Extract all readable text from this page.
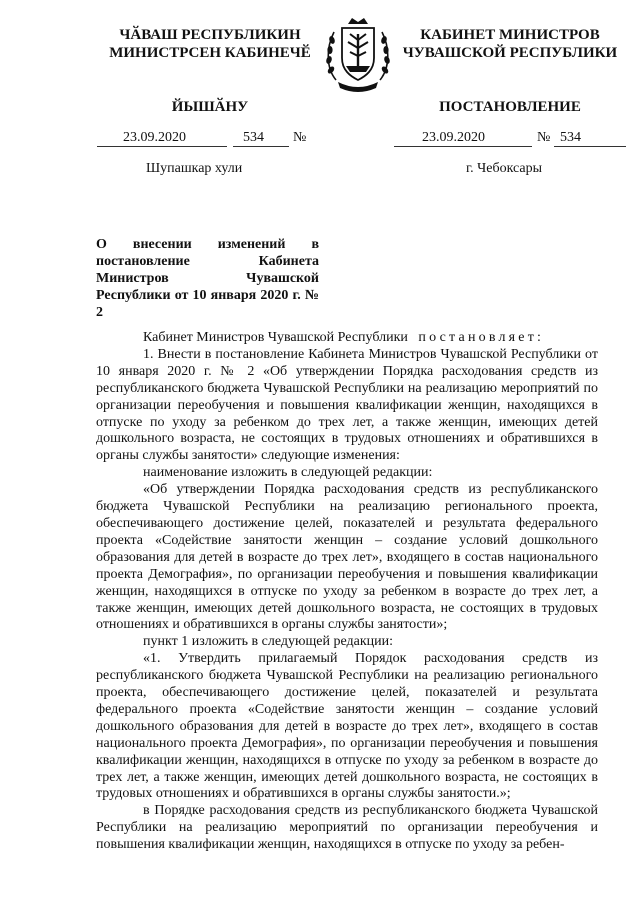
ЧӐВАШ РЕСПУБЛИКИН
МИНИСТРСЕН КАБИНЕЧӖ
ЙЫШӐНУ
КАБИНЕТ МИНИСТРОВ
ЧУВАШСКОЙ РЕСПУБЛИКИ
ПОСТАНОВЛЕНИЕ
23.09.2020	534 №	23.09.2020	№ 534
Шупашкар хули	г. Чебоксары
О внесении изменений в постановление Кабинета Министров Чувашской Республики от 10 января 2020 г. № 2

Кабинет Министров Чувашской Республики постановляет:

1. Внести в постановление Кабинета Министров Чувашской Республики от 10 января 2020 г. № 2 «Об утверждении Порядка расходования средств из республиканского бюджета Чувашской Республики на реализацию мероприятий по организации переобучения и повышения квалификации женщин, находящихся в отпуске по уходу за ребенком до трех лет, а также женщин, имеющих детей дошкольного возраста, не состоящих в трудовых отношениях и обратившихся в органы службы занятости» следующие изменения:

наименование изложить в следующей редакции:

«Об утверждении Порядка расходования средств из республиканского бюджета Чувашской Республики на реализацию регионального проекта, обеспечивающего достижение целей, показателей и результата федерального проекта «Содействие занятости женщин – создание условий дошкольного образования для детей в возрасте до трех лет», входящего в состав национального проекта Демография», по организации переобучения и повышения квалификации женщин, находящихся в отпуске по уходу за ребенком в возрасте до трех лет, а также женщин, имеющих детей дошкольного возраста, не состоящих в трудовых отношениях и обратившихся в органы службы занятости»;

пункт 1 изложить в следующей редакции:

«1. Утвердить прилагаемый Порядок расходования средств из республиканского бюджета Чувашской Республики на реализацию регионального проекта, обеспечивающего достижение целей, показателей и результата федерального проекта «Содействие занятости женщин – создание условий дошкольного образования для детей в возрасте до трех лет», входящего в состав национального проекта Демография», по организации переобучения и повышения квалификации женщин, находящихся в отпуске по уходу за ребенком в возрасте до трех лет, а также женщин, имеющих детей дошкольного возраста, не состоящих в трудовых отношениях и обратившихся в органы службы занятости.»;

в Порядке расходования средств из республиканского бюджета Чувашской Республики на реализацию мероприятий по организации переобучения и повышения квалификации женщин, находящихся в отпуске по уходу за ребен-
